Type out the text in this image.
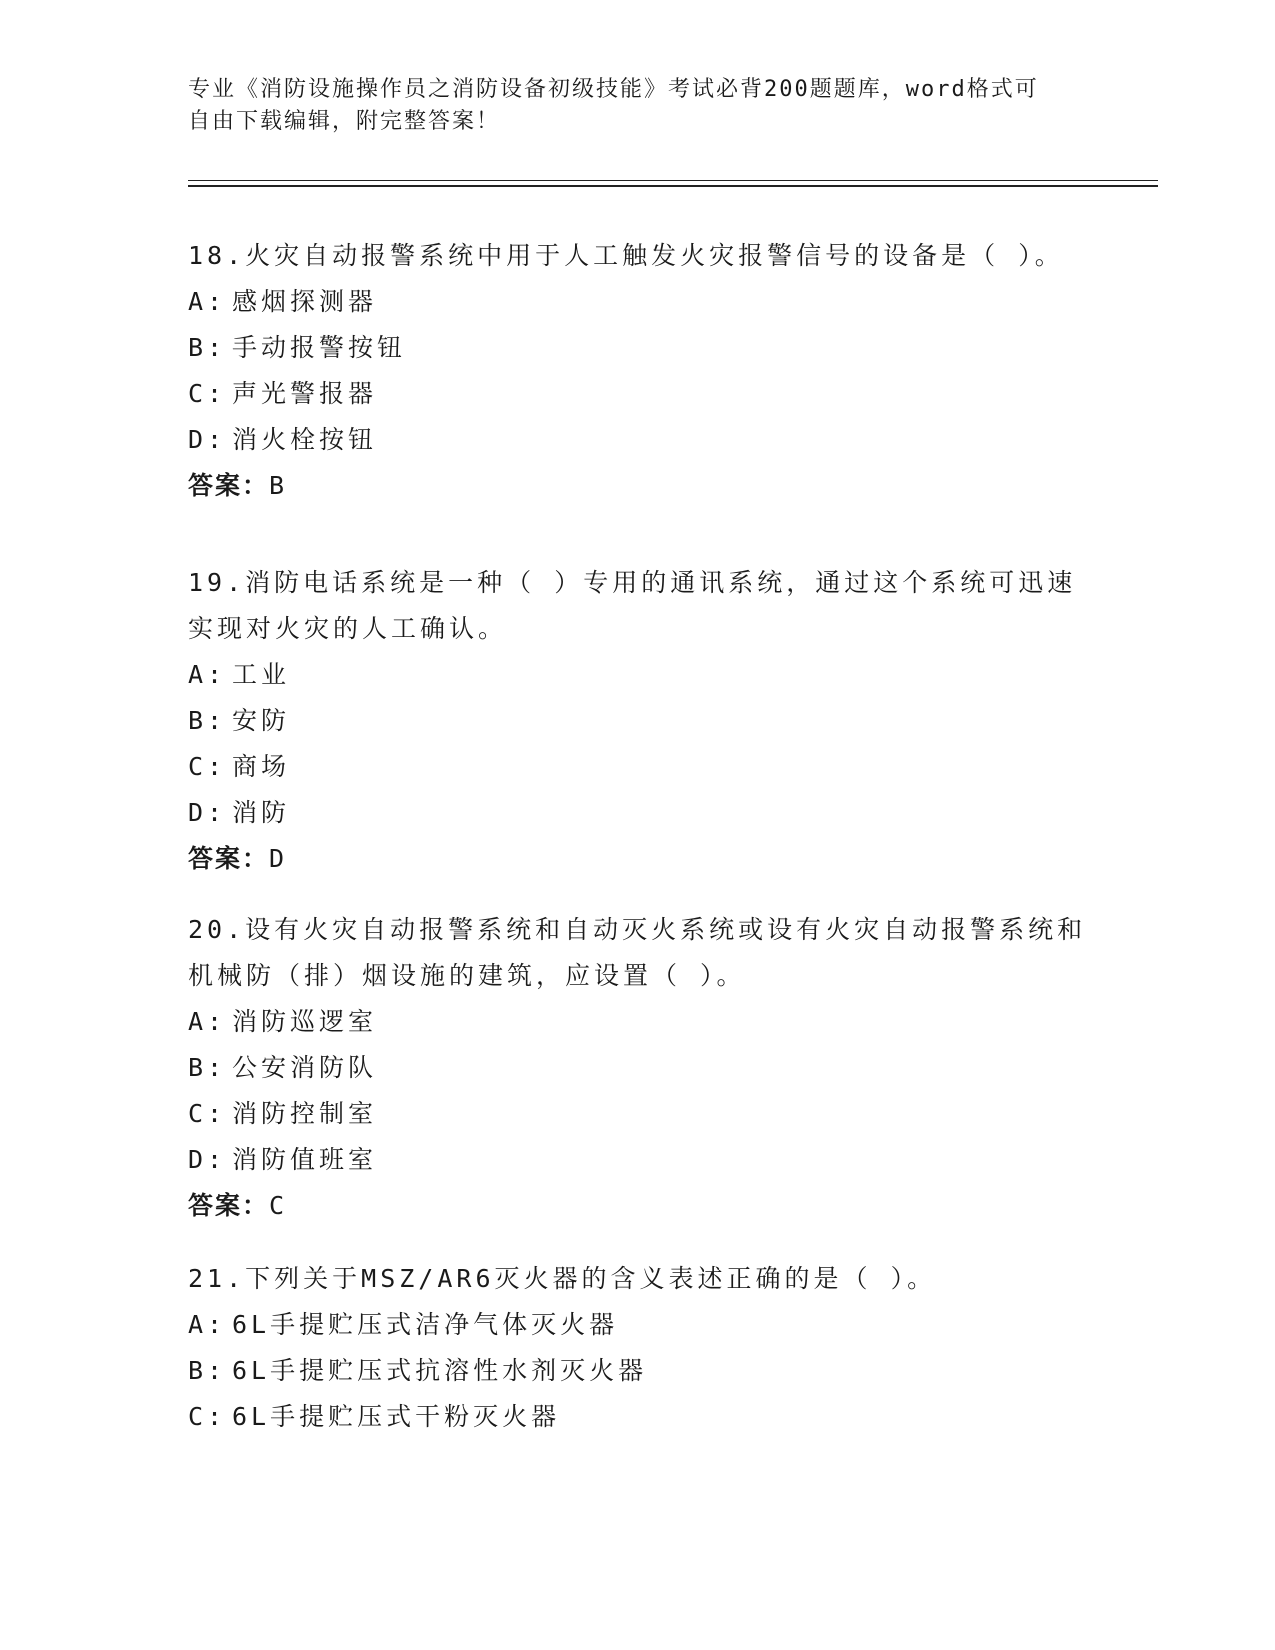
专业《消防设施操作员之消防设备初级技能》考试必背200题题库，word格式可
自由下载编辑，附完整答案！
18.火灾自动报警系统中用于人工触发火灾报警信号的设备是（ ）。
A: 感烟探测器
B: 手动报警按钮
C: 声光警报器
D: 消火栓按钮
答案：B
19.消防电话系统是一种（ ）专用的通讯系统，通过这个系统可迅速实现对火灾的人工确认。
A: 工业
B: 安防
C: 商场
D: 消防
答案：D
20.设有火灾自动报警系统和自动灭火系统或设有火灾自动报警系统和机械防（排）烟设施的建筑，应设置（ ）。
A: 消防巡逻室
B: 公安消防队
C: 消防控制室
D: 消防值班室
答案：C
21.下列关于MSZ/AR6灭火器的含义表述正确的是（ ）。
A: 6L手提贮压式洁净气体灭火器
B: 6L手提贮压式抗溶性水剂灭火器
C: 6L手提贮压式干粉灭火器
